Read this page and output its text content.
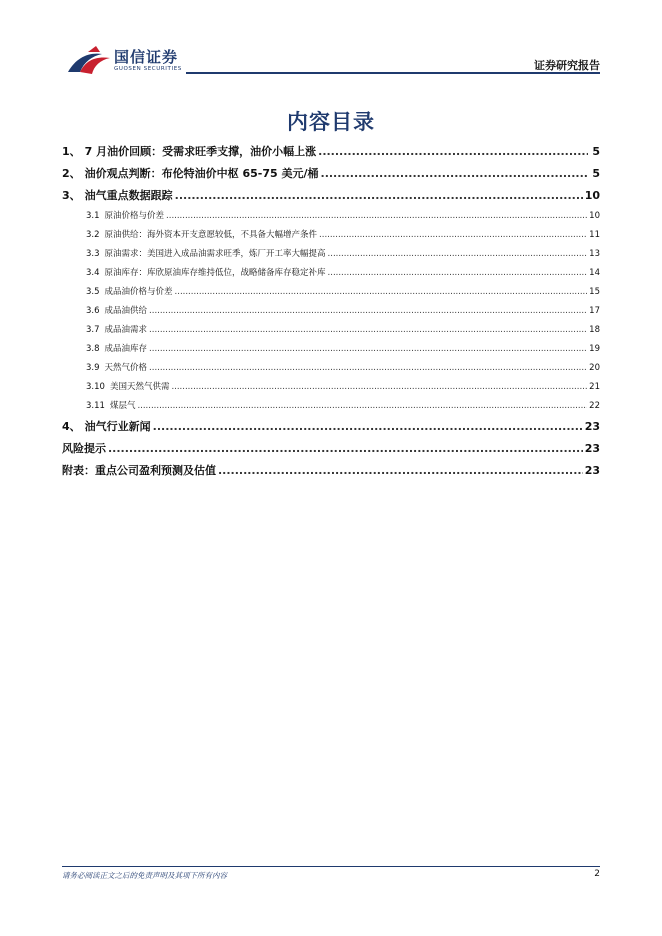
国信证券
GUOSEN SECURITIES	证券研究报告
内容目录
1、 7 月油价回顾：受需求旺季支撑，油价小幅上涨 .....	5
2、 油价观点判断：布伦特油价中枢 65-75 美元/桶 .....	5
3、 油气重点数据跟踪 .....	10
3.1 原油价格与价差 .....	10
3.2 原油供给：海外资本开支意愿较低，不具备大幅增产条件 .....	11
3.3 原油需求：美国进入成品油需求旺季，炼厂开工率大幅提高 .....	13
3.4 原油库存：库欣原油库存维持低位，战略储备库存稳定补库 .....	14
3.5 成品油价格与价差 .....	15
3.6 成品油供给 .....	17
3.7 成品油需求 .....	18
3.8 成品油库存 .....	19
3.9 天然气价格 .....	20
3.10 美国天然气供需 .....	21
3.11 煤层气 .....	22
4、 油气行业新闻 .....	23
风险提示 .....	23
附表：重点公司盈利预测及估值 .....	23
请务必阅读正文之后的免责声明及其项下所有内容	2
